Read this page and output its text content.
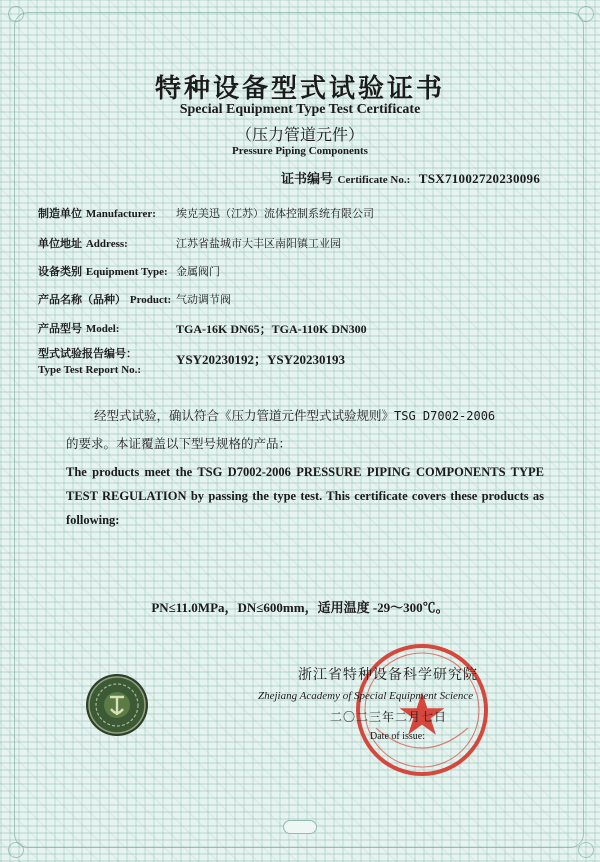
特种设备型式试验证书
Special Equipment Type Test Certificate
（压力管道元件）
Pressure Piping Components
证书编号 Certificate No.: TSX71002720230096
制造单位 Manufacturer: 埃克美迅（江苏）流体控制系统有限公司
单位地址 Address:	江苏省盐城市大丰区南阳镇工业园
设备类别 Equipment Type: 金属阀门
产品名称（品种） Product: 气动调节阀
产品型号 Model:	TGA-16K DN65；TGA-110K DN300
型式试验报告编号：
Type Test Report No.:
YSY20230192；YSY20230193
经型式试验，确认符合《压力管道元件型式试验规则》TSG D7002-2006
的要求。本证覆盖以下型号规格的产品：
The products meet the TSG D7002-2006 PRESSURE PIPING COMPONENTS TYPE TEST REGULATION by passing the type test. This certificate covers these products as following:
PN≤11.0MPa，DN≤600mm，适用温度 -29～300℃。
浙江省特种设备科学研究院
Zhejiang Academy of Special Equipment Science
二〇二三年二月七日
Date of issue:
